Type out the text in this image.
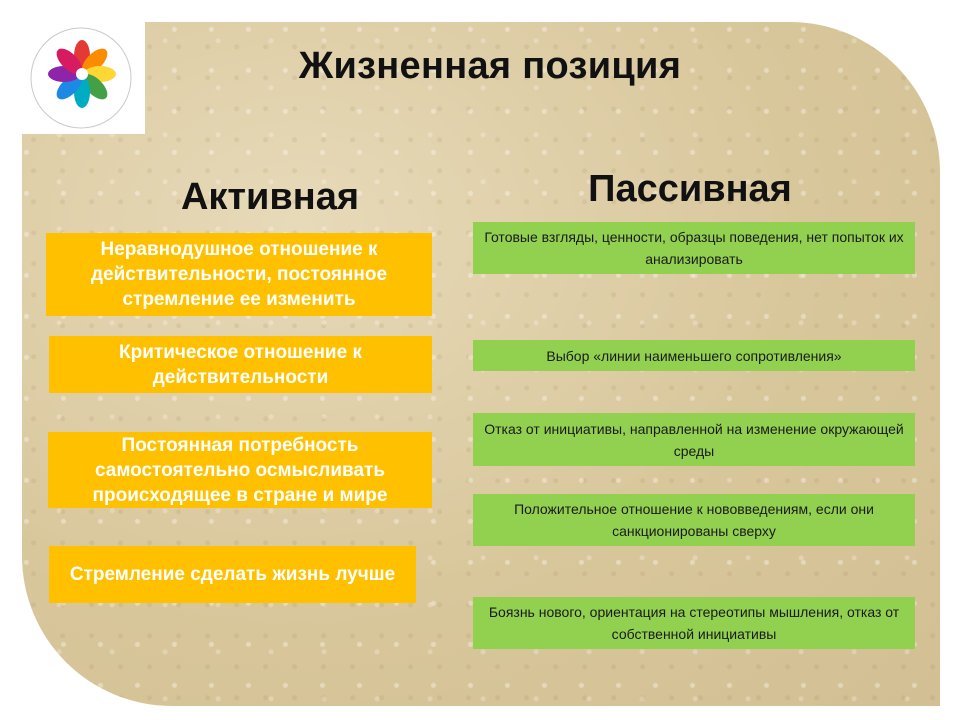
Жизненная позиция
Активная	Пассивная
Неравнодушное отношение к действительности, постоянное стремление ее изменить
Критическое отношение к действительности
Постоянная потребность самостоятельно осмысливать происходящее в стране и мире
Стремление сделать жизнь лучше
Готовые взгляды, ценности, образцы поведения, нет попыток их анализировать
Выбор «линии наименьшего сопротивления»
Отказ от инициативы, направленной на изменение окружающей среды
Положительное отношение к нововведениям, если они санкционированы сверху
Боязнь нового, ориентация на стереотипы мышления, отказ от собственной инициативы
